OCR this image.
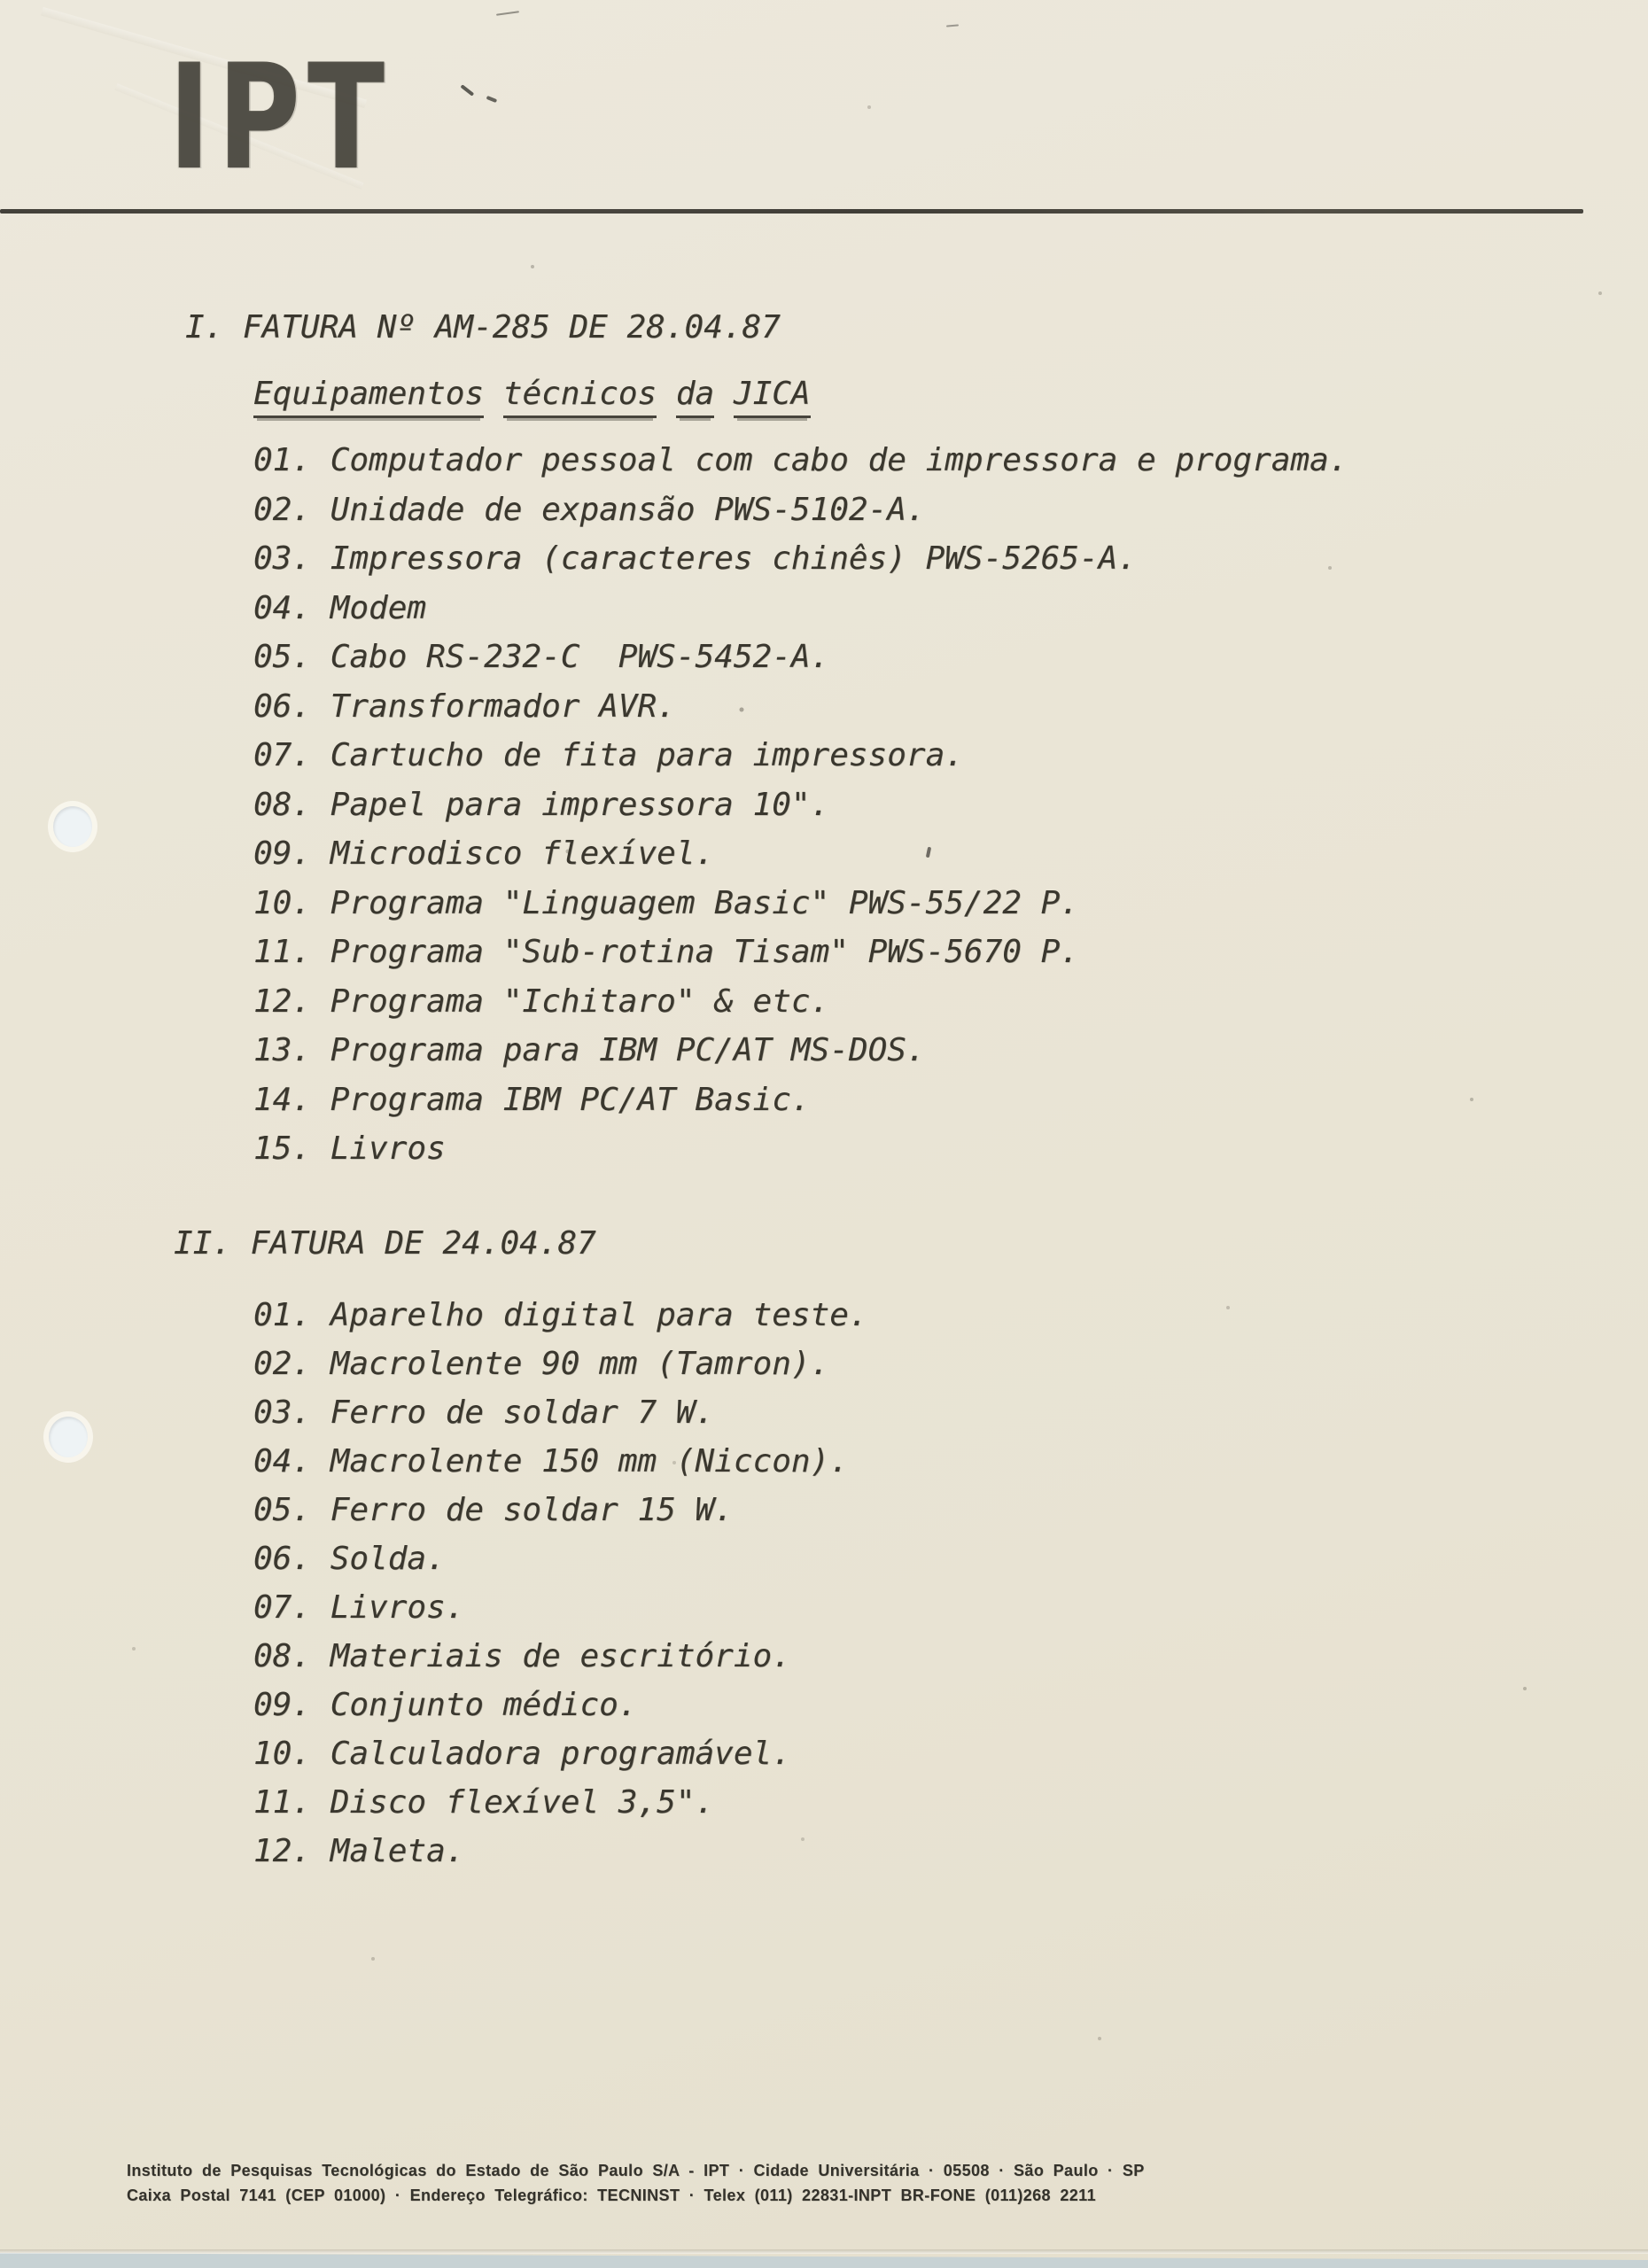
IPT
I. FATURA Nº AM-285 DE 28.04.87
Equipamentos técnicos da JICA
01. Computador pessoal com cabo de impressora e programa.
02. Unidade de expansão PWS-5102-A.
03. Impressora (caracteres chinês) PWS-5265-A.
04. Modem
05. Cabo RS-232-C  PWS-5452-A.
06. Transformador AVR.
07. Cartucho de fita para impressora.
08. Papel para impressora 10".
09. Microdisco flexível.
10. Programa "Linguagem Basic" PWS-55/22 P.
11. Programa "Sub-rotina Tisam" PWS-5670 P.
12. Programa "Ichitaro" & etc.
13. Programa para IBM PC/AT MS-DOS.
14. Programa IBM PC/AT Basic.
15. Livros
II. FATURA DE 24.04.87
01. Aparelho digital para teste.
02. Macrolente 90 mm (Tamron).
03. Ferro de soldar 7 W.
04. Macrolente 150 mm (Niccon).
05. Ferro de soldar 15 W.
06. Solda.
07. Livros.
08. Materiais de escritório.
09. Conjunto médico.
10. Calculadora programável.
11. Disco flexível 3,5".
12. Maleta.
Instituto de Pesquisas Tecnológicas do Estado de São Paulo S/A - IPT · Cidade Universitária · 05508 · São Paulo · SP
Caixa Postal 7141 (CEP 01000) · Endereço Telegráfico: TECNINST · Telex (011) 22831-INPT BR-FONE (011)268 2211
